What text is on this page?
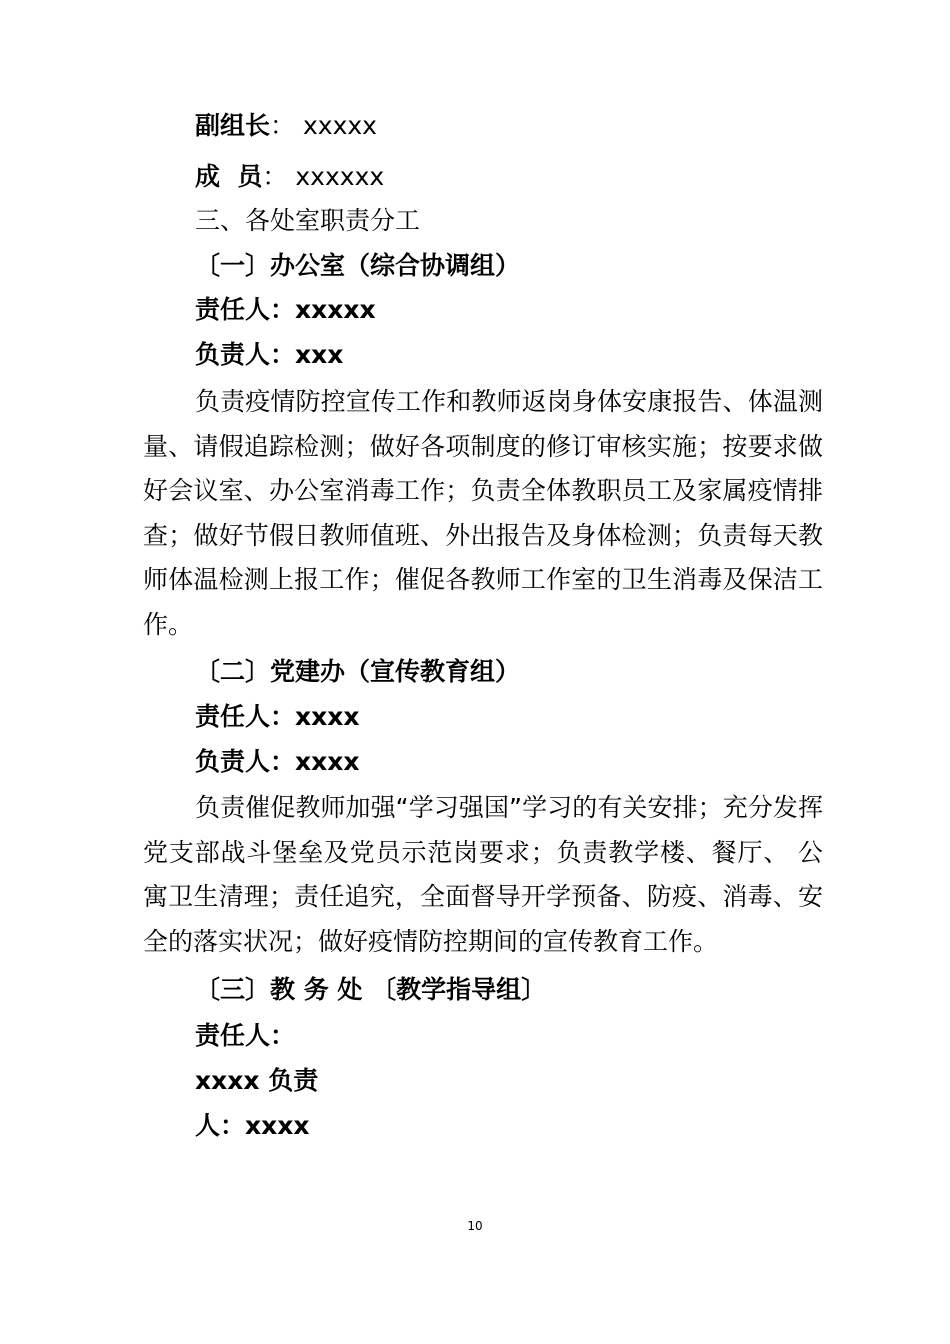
副组长： xxxxx
成  员： xxxxxx
三、各处室职责分工
〔一〕办公室（综合协调组）
责任人：xxxxx
负责人：xxx

负责疫情防控宣传工作和教师返岗身体安康报告、体温测量、请假追踪检测；做好各项制度的修订审核实施；按要求做好会议室、办公室消毒工作；负责全体教职员工及家属疫情排查；做好节假日教师值班、外出报告及身体检测；负责每天教师体温检测上报工作；催促各教师工作室的卫生消毒及保洁工作。

〔二〕党建办（宣传教育组）
责任人：xxxx
负责人：xxxx

负责催促教师加强“学习强国”学习的有关安排；充分发挥党支部战斗堡垒及党员示范岗要求；负责教学楼、餐厅、 公寓卫生清理；责任追究，全面督导开学预备、防疫、消毒、安全的落实状况；做好疫情防控期间的宣传教育工作。

〔三〕教 务 处 〔教学指导组〕
责任人：
xxxx 负责
人：xxxx
10
